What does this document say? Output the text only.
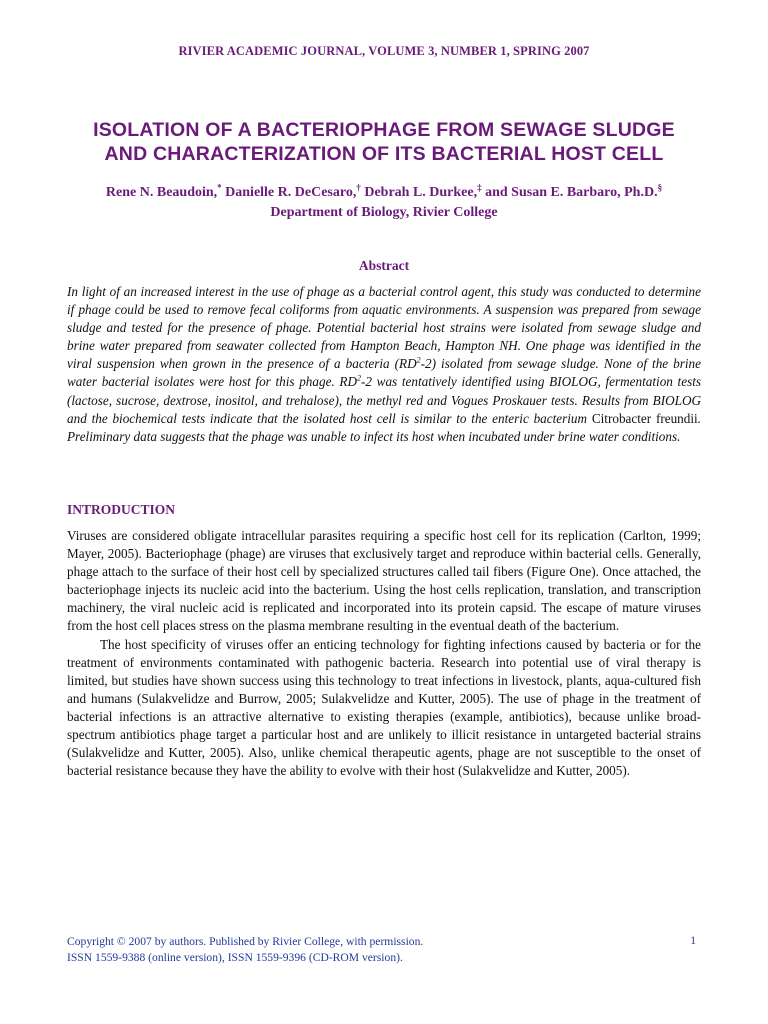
RIVIER ACADEMIC JOURNAL, VOLUME 3, NUMBER 1, SPRING 2007
ISOLATION OF A BACTERIOPHAGE FROM SEWAGE SLUDGE
AND CHARACTERIZATION OF ITS BACTERIAL HOST CELL
Rene N. Beaudoin,* Danielle R. DeCesaro,† Debrah L. Durkee,‡ and Susan E. Barbaro, Ph.D.§
Department of Biology, Rivier College
Abstract
In light of an increased interest in the use of phage as a bacterial control agent, this study was conducted to determine if phage could be used to remove fecal coliforms from aquatic environments. A suspension was prepared from sewage sludge and tested for the presence of phage. Potential bacterial host strains were isolated from sewage sludge and brine water prepared from seawater collected from Hampton Beach, Hampton NH. One phage was identified in the viral suspension when grown in the presence of a bacteria $(RD^2-2)$ isolated from sewage sludge. None of the brine water bacterial isolates were host for this phage. $RD^2-2$ was tentatively identified using BIOLOG, fermentation tests (lactose, sucrose, dextrose, inositol, and trehalose), the methyl red and Vogues Proskauer tests. Results from BIOLOG and the biochemical tests indicate that the isolated host cell is similar to the enteric bacterium Citrobacter freundii. Preliminary data suggests that the phage was unable to infect its host when incubated under brine water conditions.
INTRODUCTION

Viruses are considered obligate intracellular parasites requiring a specific host cell for its replication (Carlton, 1999; Mayer, 2005). Bacteriophage (phage) are viruses that exclusively target and reproduce within bacterial cells. Generally, phage attach to the surface of their host cell by specialized structures called tail fibers (Figure One). Once attached, the bacteriophage injects its nucleic acid into the bacterium. Using the host cells replication, translation, and transcription machinery, the viral nucleic acid is replicated and incorporated into its protein capsid. The escape of mature viruses from the host cell places stress on the plasma membrane resulting in the eventual death of the bacterium.

The host specificity of viruses offer an enticing technology for fighting infections caused by bacteria or for the treatment of environments contaminated with pathogenic bacteria. Research into potential use of viral therapy is limited, but studies have shown success using this technology to treat infections in livestock, plants, aqua-cultured fish and humans (Sulakvelidze and Burrow, 2005; Sulakvelidze and Kutter, 2005). The use of phage in the treatment of bacterial infections is an attractive alternative to existing therapies (example, antibiotics), because unlike broad-spectrum antibiotics phage target a particular host and are unlikely to illicit resistance in untargeted bacterial strains (Sulakvelidze and Kutter, 2005). Also, unlike chemical therapeutic agents, phage are not susceptible to the onset of bacterial resistance because they have the ability to evolve with their host (Sulakvelidze and Kutter, 2005).

Copyright © 2007 by authors. Published by Rivier College, with permission.
ISSN 1559-9388 (online version), ISSN 1559-9396 (CD-ROM version).
1
